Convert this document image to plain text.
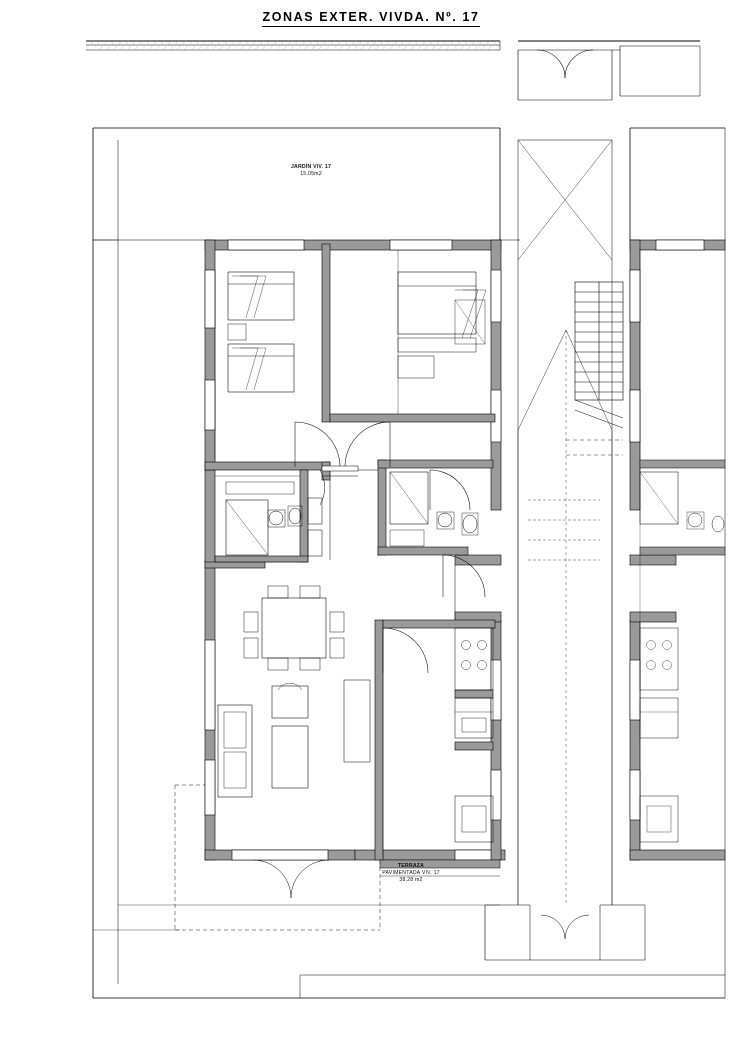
ZONAS EXTER. VIVDA. Nº. 17
JARDÍN VIV. 17
15.05m2
TERRAZA
PAVIMENTADA VIV. 17
38.28 m2
